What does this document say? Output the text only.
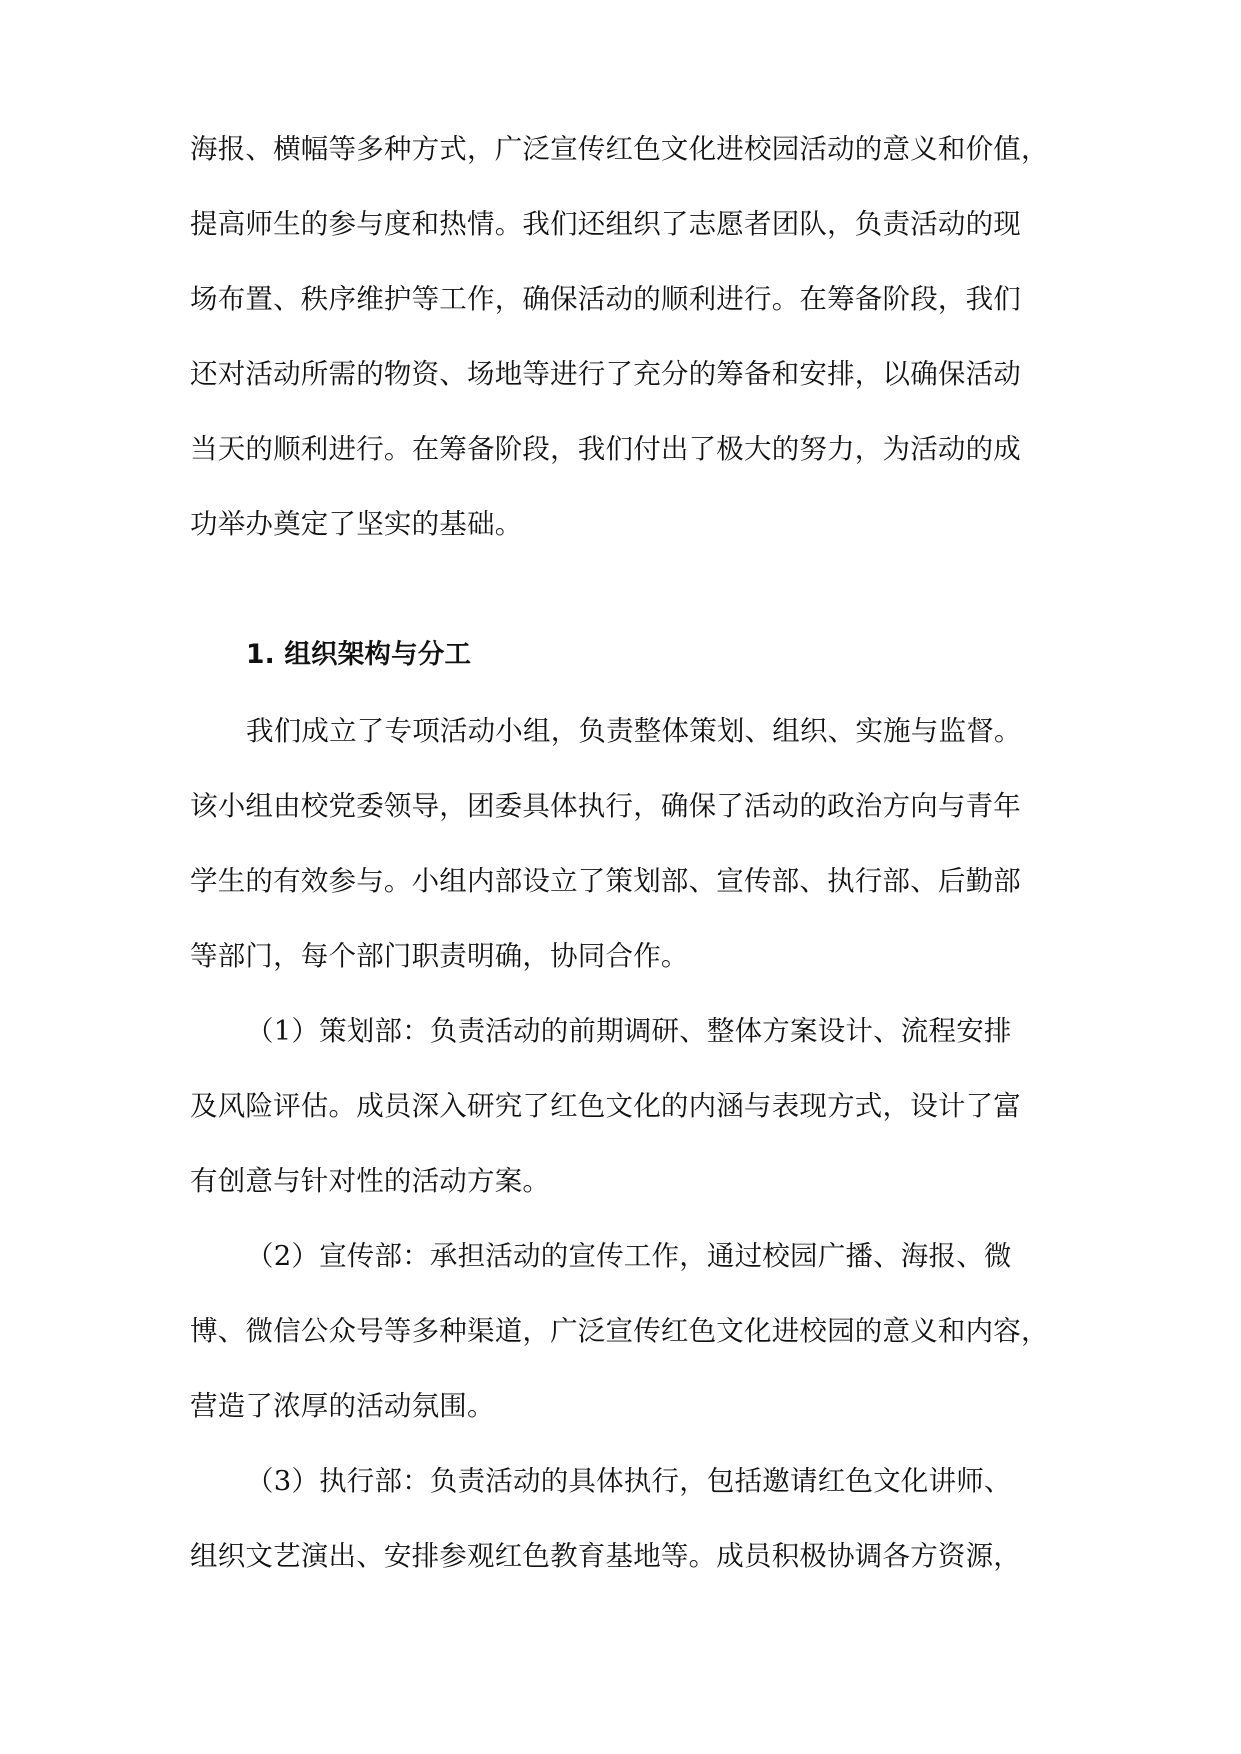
海报、横幅等多种方式，广泛宣传红色文化进校园活动的意义和价值，
提高师生的参与度和热情。我们还组织了志愿者团队，负责活动的现
场布置、秩序维护等工作，确保活动的顺利进行。在筹备阶段，我们
还对活动所需的物资、场地等进行了充分的筹备和安排，以确保活动
当天的顺利进行。在筹备阶段，我们付出了极大的努力，为活动的成
功举办奠定了坚实的基础。
1. 组织架构与分工
我们成立了专项活动小组，负责整体策划、组织、实施与监督。
该小组由校党委领导，团委具体执行，确保了活动的政治方向与青年
学生的有效参与。小组内部设立了策划部、宣传部、执行部、后勤部
等部门，每个部门职责明确，协同合作。
（1）策划部：负责活动的前期调研、整体方案设计、流程安排
及风险评估。成员深入研究了红色文化的内涵与表现方式，设计了富
有创意与针对性的活动方案。
（2）宣传部：承担活动的宣传工作，通过校园广播、海报、微
博、微信公众号等多种渠道，广泛宣传红色文化进校园的意义和内容，
营造了浓厚的活动氛围。
（3）执行部：负责活动的具体执行，包括邀请红色文化讲师、
组织文艺演出、安排参观红色教育基地等。成员积极协调各方资源，
